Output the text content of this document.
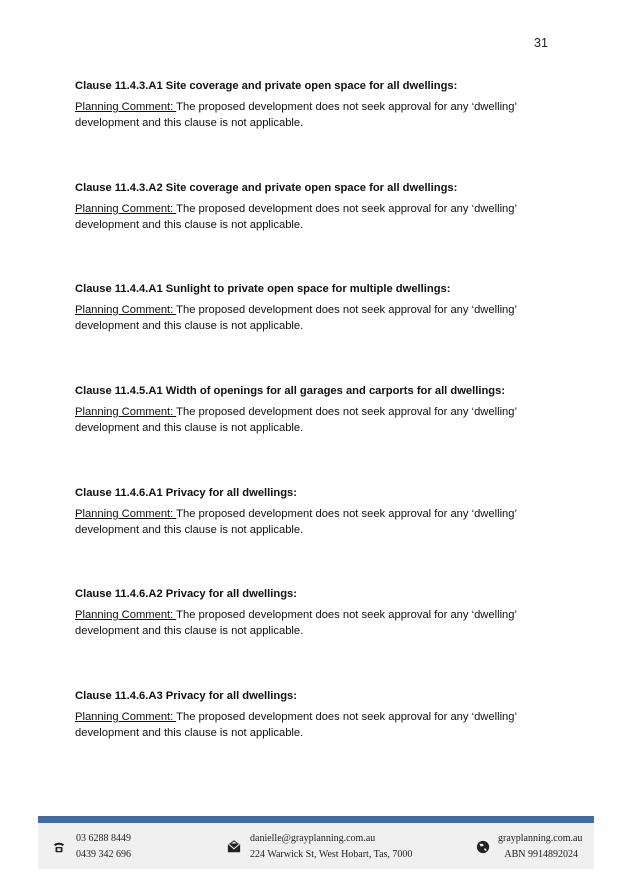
31
Clause 11.4.3.A1 Site coverage and private open space for all dwellings:

Planning Comment: The proposed development does not seek approval for any ‘dwelling’ development and this clause is not applicable.

Clause 11.4.3.A2 Site coverage and private open space for all dwellings:

Planning Comment: The proposed development does not seek approval for any ‘dwelling’ development and this clause is not applicable.

Clause 11.4.4.A1 Sunlight to private open space for multiple dwellings:

Planning Comment: The proposed development does not seek approval for any ‘dwelling’ development and this clause is not applicable.

Clause 11.4.5.A1 Width of openings for all garages and carports for all dwellings:

Planning Comment: The proposed development does not seek approval for any ‘dwelling’ development and this clause is not applicable.

Clause 11.4.6.A1 Privacy for all dwellings:

Planning Comment: The proposed development does not seek approval for any ‘dwelling’ development and this clause is not applicable.

Clause 11.4.6.A2 Privacy for all dwellings:

Planning Comment: The proposed development does not seek approval for any ‘dwelling’ development and this clause is not applicable.

Clause 11.4.6.A3 Privacy for all dwellings:

Planning Comment: The proposed development does not seek approval for any ‘dwelling’ development and this clause is not applicable.

03 6288 8449
0439 342 696
danielle@grayplanning.com.au
224 Warwick St, West Hobart, Tas, 7000
grayplanning.com.au
ABN 9914892024
